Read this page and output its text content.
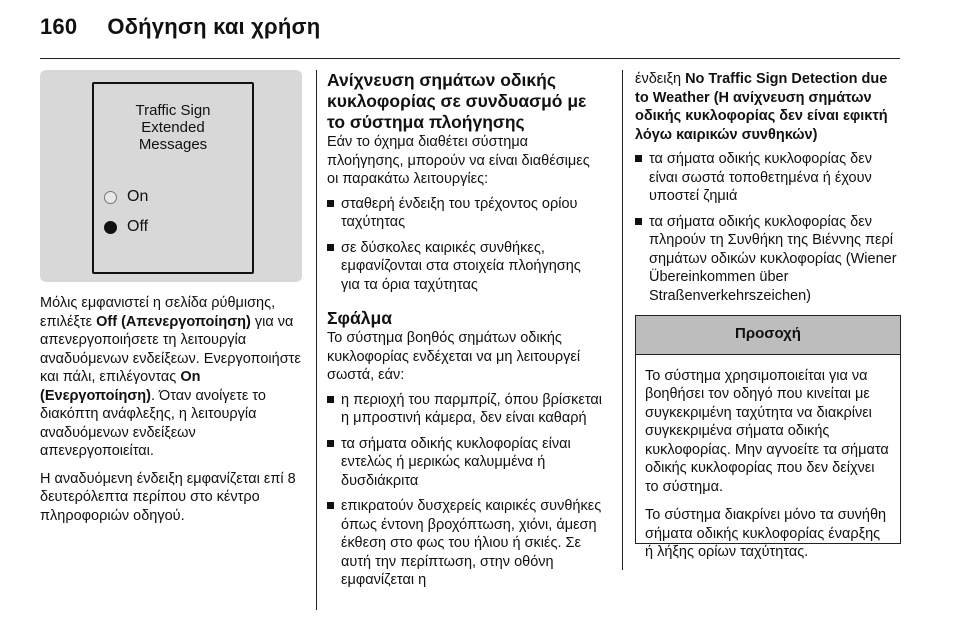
160 Οδήγηση και χρήση
Traffic Sign
Extended
Messages
On
Off

Μόλις εμφανιστεί η σελίδα ρύθμισης, επιλέξτε Off (Απενεργοποίηση) για να απενεργοποιήσετε τη λειτουργία αναδυόμενων ενδείξεων. Ενεργοποιήστε και πάλι, επιλέγοντας On (Ενεργοποίηση). Όταν ανοίγετε το διακόπτη ανάφλεξης, η λειτουργία αναδυόμενων ενδείξεων απενεργοποιείται.

Η αναδυόμενη ένδειξη εμφανίζεται επί 8 δευτερόλεπτα περίπου στο κέντρο πληροφοριών οδηγού.

Ανίχνευση σημάτων οδικής κυκλοφορίας σε συνδυασμό με το σύστημα πλοήγησης

Εάν το όχημα διαθέτει σύστημα πλοήγησης, μπορούν να είναι διαθέσιμες οι παρακάτω λειτουργίες:

σταθερή ένδειξη του τρέχοντος ορίου ταχύτητας
σε δύσκολες καιρικές συνθήκες, εμφανίζονται στα στοιχεία πλοήγησης για τα όρια ταχύτητας
Σφάλμα

Το σύστημα βοηθός σημάτων οδικής κυκλοφορίας ενδέχεται να μη λειτουργεί σωστά, εάν:

η περιοχή του παρμπρίζ, όπου βρίσκεται η μπροστινή κάμερα, δεν είναι καθαρή
τα σήματα οδικής κυκλοφορίας είναι εντελώς ή μερικώς καλυμμένα ή δυσδιάκριτα
επικρατούν δυσχερείς καιρικές συνθήκες όπως έντονη βροχόπτωση, χιόνι, άμεση έκθεση στο φως του ήλιου ή σκιές. Σε αυτή την περίπτωση, στην οθόνη εμφανίζεται η

ένδειξη No Traffic Sign Detection due to Weather (Η ανίχνευση σημάτων οδικής κυκλοφορίας δεν είναι εφικτή λόγω καιρικών συνθηκών)

τα σήματα οδικής κυκλοφορίας δεν είναι σωστά τοποθετημένα ή έχουν υποστεί ζημιά
τα σήματα οδικής κυκλοφορίας δεν πληρούν τη Συνθήκη της Βιέννης περί σημάτων οδικών κυκλοφορίας (Wiener Übereinkommen über Straßenverkehrszeichen)
Προσοχή

Το σύστημα χρησιμοποιείται για να βοηθήσει τον οδηγό που κινείται με συγκεκριμένη ταχύτητα να διακρίνει συγκεκριμένα σήματα οδικής κυκλοφορίας. Μην αγνοείτε τα σήματα οδικής κυκλοφορίας που δεν δείχνει το σύστημα.

Το σύστημα διακρίνει μόνο τα συνήθη σήματα οδικής κυκλοφορίας έναρξης ή λήξης ορίων ταχύτητας.
